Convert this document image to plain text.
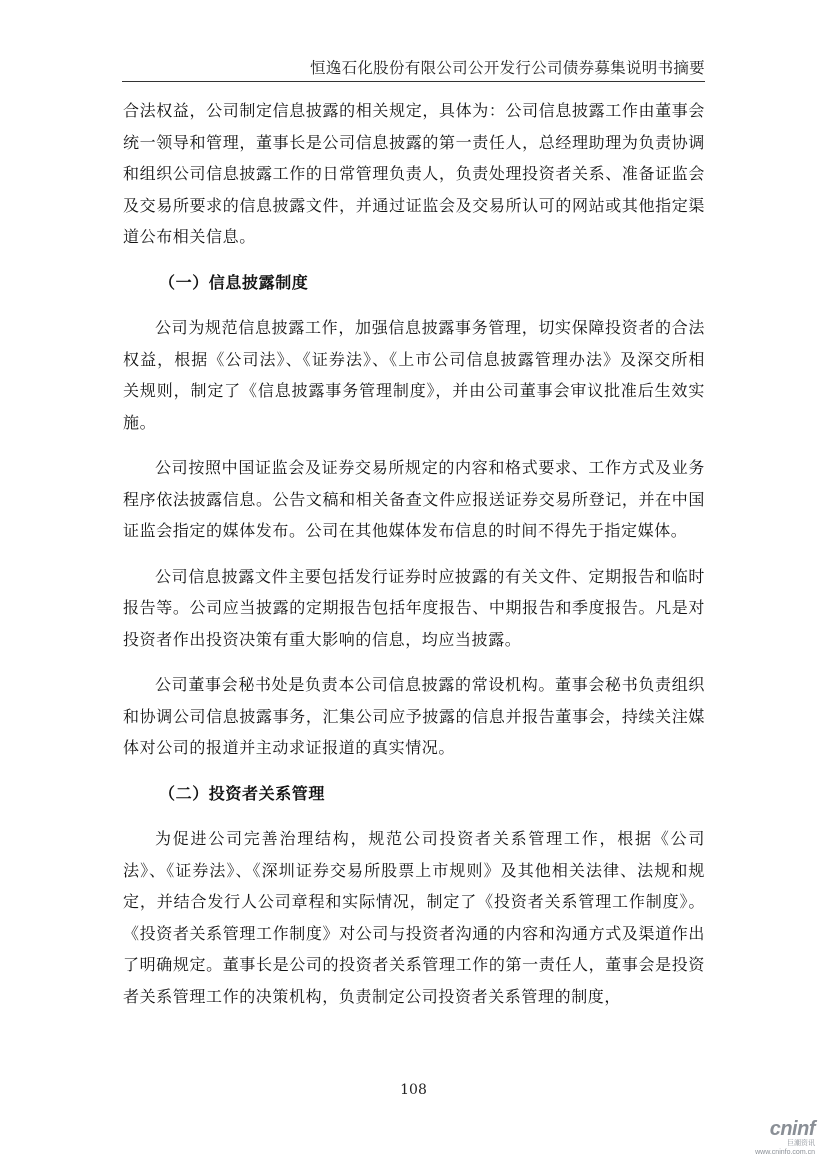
恒逸石化股份有限公司公开发行公司债券募集说明书摘要

合法权益，公司制定信息披露的相关规定，具体为：公司信息披露工作由董事会统一领导和管理，董事长是公司信息披露的第一责任人，总经理助理为负责协调和组织公司信息披露工作的日常管理负责人，负责处理投资者关系、准备证监会及交易所要求的信息披露文件，并通过证监会及交易所认可的网站或其他指定渠道公布相关信息。

（一）信息披露制度

公司为规范信息披露工作，加强信息披露事务管理，切实保障投资者的合法权益，根据《公司法》、《证券法》、《上市公司信息披露管理办法》及深交所相关规则，制定了《信息披露事务管理制度》，并由公司董事会审议批准后生效实施。

公司按照中国证监会及证券交易所规定的内容和格式要求、工作方式及业务程序依法披露信息。公告文稿和相关备查文件应报送证券交易所登记，并在中国证监会指定的媒体发布。公司在其他媒体发布信息的时间不得先于指定媒体。

公司信息披露文件主要包括发行证券时应披露的有关文件、定期报告和临时报告等。公司应当披露的定期报告包括年度报告、中期报告和季度报告。凡是对投资者作出投资决策有重大影响的信息，均应当披露。

公司董事会秘书处是负责本公司信息披露的常设机构。董事会秘书负责组织和协调公司信息披露事务，汇集公司应予披露的信息并报告董事会，持续关注媒体对公司的报道并主动求证报道的真实情况。

（二）投资者关系管理

为促进公司完善治理结构，规范公司投资者关系管理工作，根据《公司法》、《证券法》、《深圳证券交易所股票上市规则》及其他相关法律、法规和规定，并结合发行人公司章程和实际情况，制定了《投资者关系管理工作制度》。《投资者关系管理工作制度》对公司与投资者沟通的内容和沟通方式及渠道作出了明确规定。董事长是公司的投资者关系管理工作的第一责任人，董事会是投资者关系管理工作的决策机构，负责制定公司投资者关系管理的制度，

108
cninf
巨潮资讯
www.cninfo.com.cn
